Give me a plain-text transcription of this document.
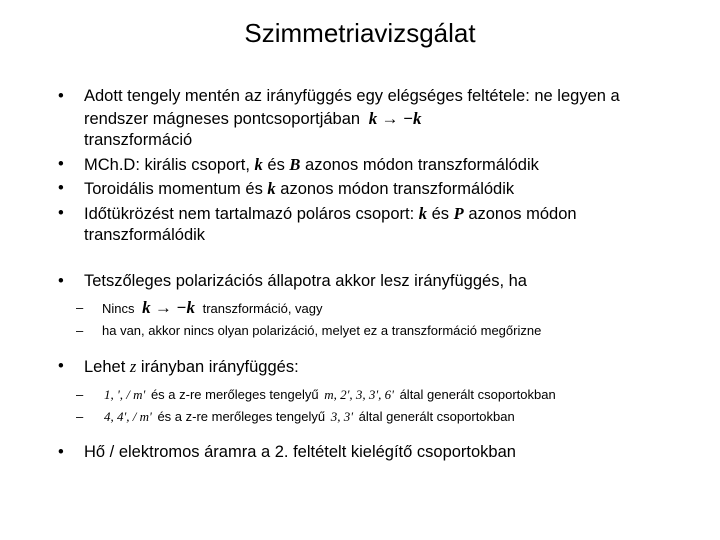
Szimmetriavizsgálat
• Adott tengely mentén az irányfüggés egy elégséges feltétele: ne legyen a rendszer mágneses pontcsoportjában k → −k
transzformáció
• MCh.D: királis csoport, k és B azonos módon transzformálódik
• Toroidális momentum és k azonos módon transzformálódik
• Időtükrözést nem tartalmazó poláros csoport: k és P azonos módon transzformálódik
• Tetszőleges polarizációs állapotra akkor lesz irányfüggés, ha
– Nincs k → −k transzformáció, vagy
– ha van, akkor nincs olyan polarizáció, melyet ez a transzformáció megőrizne
• Lehet z irányban irányfüggés:
– 1, ', / m' és a z-re merőleges tengelyű m, 2', 3, 3', 6' által generált csoportokban
– 4, 4', / m' és a z-re merőleges tengelyű 3, 3' által generált csoportokban
• Hő / elektromos áramra a 2. feltételt kielégítő csoportokban
